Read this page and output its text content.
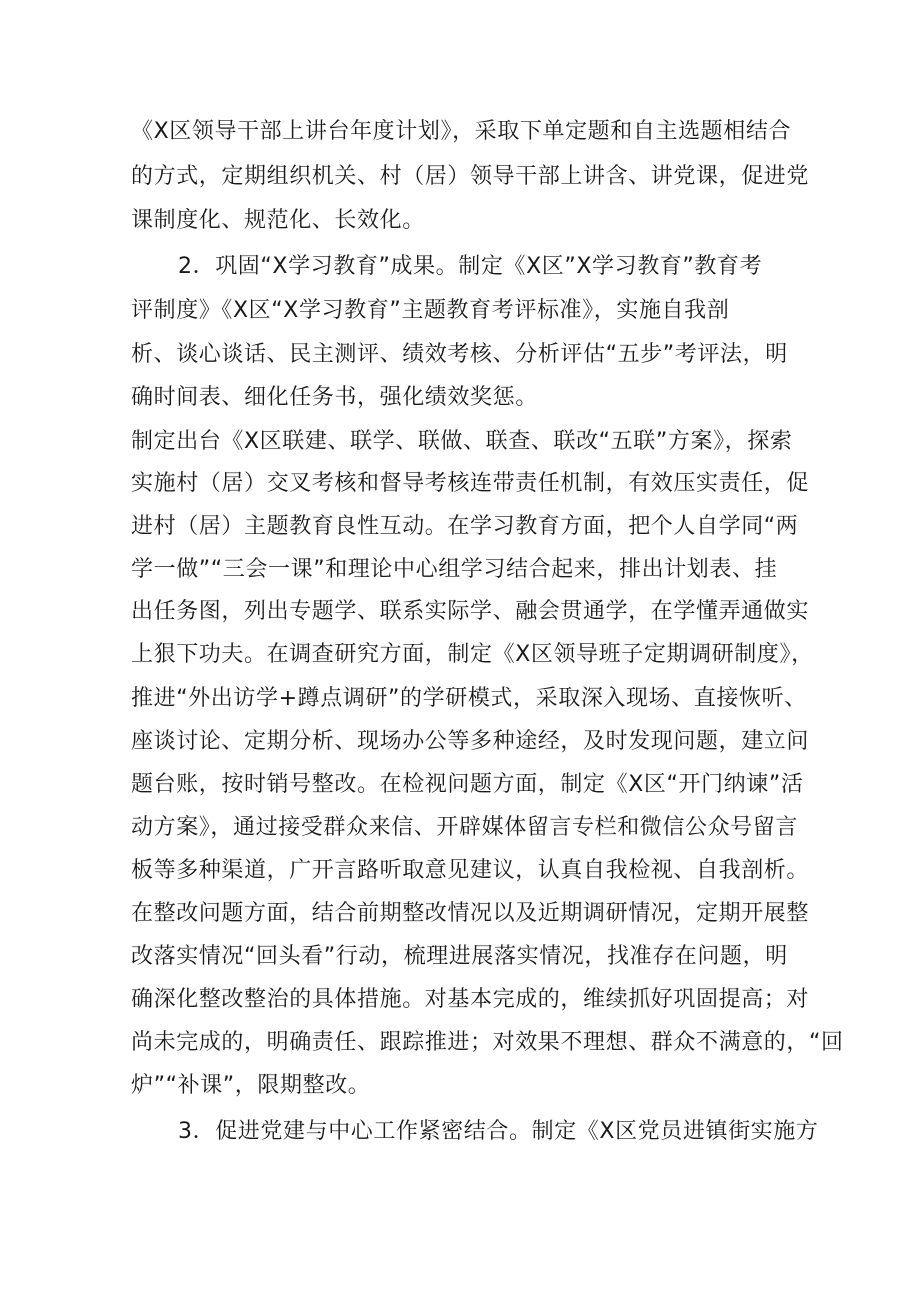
《X区领导干部上讲台年度计划》，采取下单定题和自主选题相结合
的方式，定期组织机关、村（居）领导干部上讲含、讲党课，促进党
课制度化、规范化、长效化。
2．巩固“X学习教育”成果。制定《X区”X学习教育”教育考
评制度》《X区“X学习教育”主题教育考评标准》，实施自我剖
析、谈心谈话、民主测评、绩效考核、分析评估“五步”考评法，明
确时间表、细化任务书，强化绩效奖惩。
制定出台《X区联建、联学、联做、联查、联改“五联”方案》，探索
实施村（居）交叉考核和督导考核连带责任机制，有效压实责任，促
进村（居）主题教育良性互动。在学习教育方面，把个人自学同“两
学一做”“三会一课”和理论中心组学习结合起来，排出计划表、挂
出任务图，列出专题学、联系实际学、融会贯通学，在学懂弄通做实
上狠下功夫。在调查研究方面，制定《X区领导班子定期调研制度》，
推进“外出访学+蹲点调研”的学研模式，采取深入现场、直接恢听、
座谈讨论、定期分析、现场办公等多种途经，及时发现问题，建立问
题台账，按时销号整改。在检视问题方面，制定《X区“开门纳谏”活
动方案》，通过接受群众来信、开辟媒体留言专栏和微信公众号留言
板等多种渠道，广开言路听取意见建议，认真自我检视、自我剖析。
在整改问题方面，结合前期整改情况以及近期调研情况，定期开展整
改落实情况“回头看”行动，梳理进展落实情况，找准存在问题，明
确深化整改整治的具体措施。对基本完成的，维续抓好巩固提高；对
尚未完成的，明确责任、跟踪推进；对效果不理想、群众不满意的，“回
炉”“补课”，限期整改。
3．促进党建与中心工作紧密结合。制定《X区党员进镇街实施方
